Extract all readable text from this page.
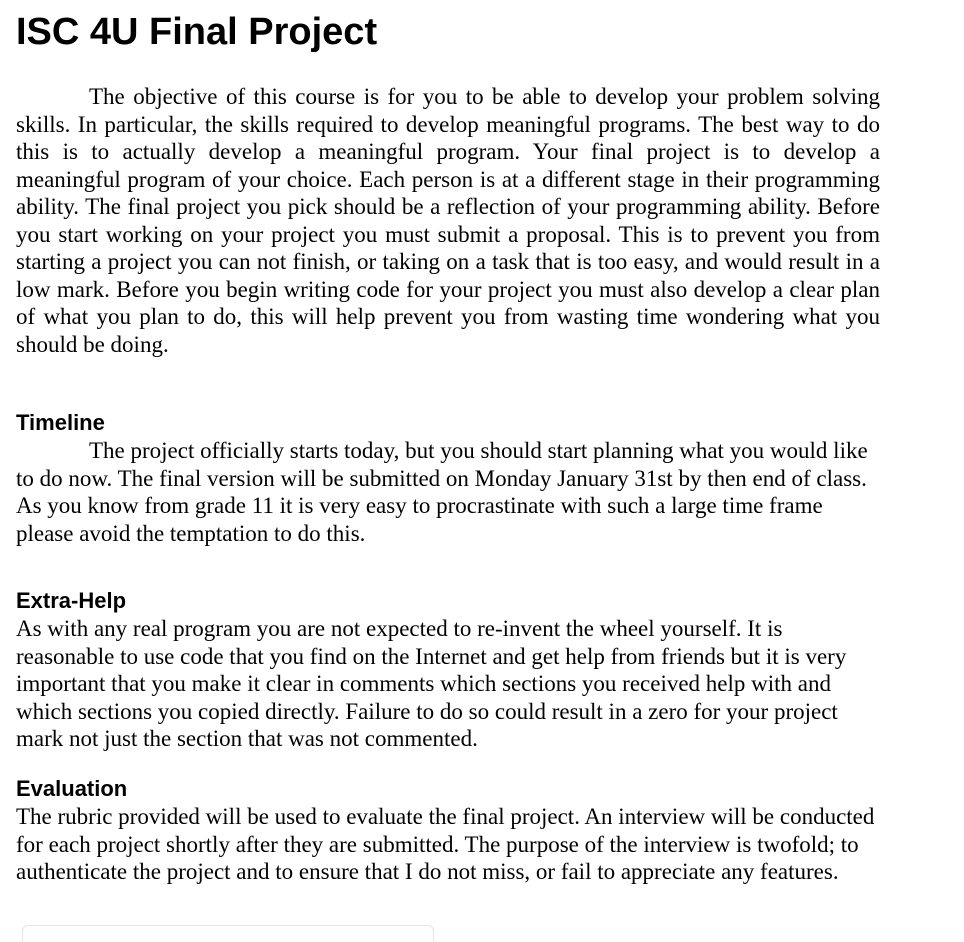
ISC 4U Final Project

The objective of this course is for you to be able to develop your problem solving skills. In particular, the skills required to develop meaningful programs. The best way to do this is to actually develop a meaningful program. Your final project is to develop a meaningful program of your choice. Each person is at a different stage in their programming ability. The final project you pick should be a reflection of your programming ability. Before you start working on your project you must submit a proposal. This is to prevent you from starting a project you can not finish, or taking on a task that is too easy, and would result in a low mark. Before you begin writing code for your project you must also develop a clear plan of what you plan to do, this will help prevent you from wasting time wondering what you should be doing.

Timeline

The project officially starts today, but you should start planning what you would like to do now. The final version will be submitted on Monday January 31st by then end of class. As you know from grade 11 it is very easy to procrastinate with such a large time frame please avoid the temptation to do this.

Extra-Help

As with any real program you are not expected to re-invent the wheel yourself. It is reasonable to use code that you find on the Internet and get help from friends but it is very important that you make it clear in comments which sections you received help with and which sections you copied directly. Failure to do so could result in a zero for your project mark not just the section that was not commented.

Evaluation

The rubric provided will be used to evaluate the final project. An interview will be conducted for each project shortly after they are submitted. The purpose of the interview is twofold; to authenticate the project and to ensure that I do not miss, or fail to appreciate any features.
